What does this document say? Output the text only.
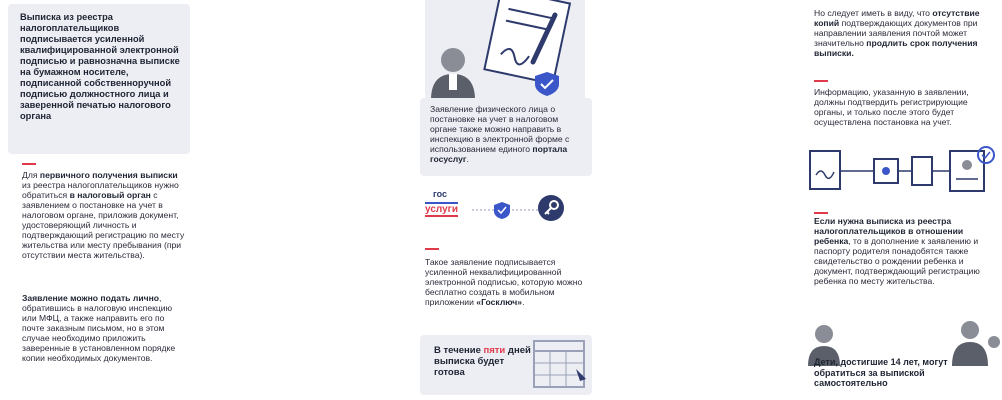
Выписка из реестра налогоплательщиков подписывается усиленной квалифицированной электронной подписью и равнозначна выписке на бумажном носителе, подписанной собственноручной подписью должностного лица и заверенной печатью налогового органа
Для первичного получения выписки из реестра налогоплательщиков нужно обратиться в налоговый орган с заявлением о постановке на учет в налоговом органе, приложив документ, удостоверяющий личность и подтверждающий регистрацию по месту жительства или месту пребывания (при отсутствии места жительства).
Заявление можно подать лично, обратившись в налоговую инспекцию или МФЦ, а также направить его по почте заказным письмом, но в этом случае необходимо приложить заверенные в установленном порядке копии необходимых документов.
Заявление физического лица о постановке на учет в налоговом органе также можно направить в инспекцию в электронной форме с использованием единого портала госуслуг.
гос
услуги
Такое заявление подписывается усиленной неквалифицированной электронной подписью, которую можно бесплатно создать в мобильном приложении «Госключ».
В течение пяти дней выписка будет готова
Но следует иметь в виду, что отсутствие копий подтверждающих документов при направлении заявления почтой может значительно продлить срок получения выписки.
Информацию, указанную в заявлении, должны подтвердить регистрирующие органы, и только после этого будет осуществлена постановка на учет.
Если нужна выписка из реестра налогоплательщиков в отношении ребенка, то в дополнение к заявлению и паспорту родителя понадобятся также свидетельство о рождении ребенка и документ, подтверждающий регистрацию ребенка по месту жительства.
Дети, достигшие 14 лет, могут обратиться за выпиской самостоятельно
